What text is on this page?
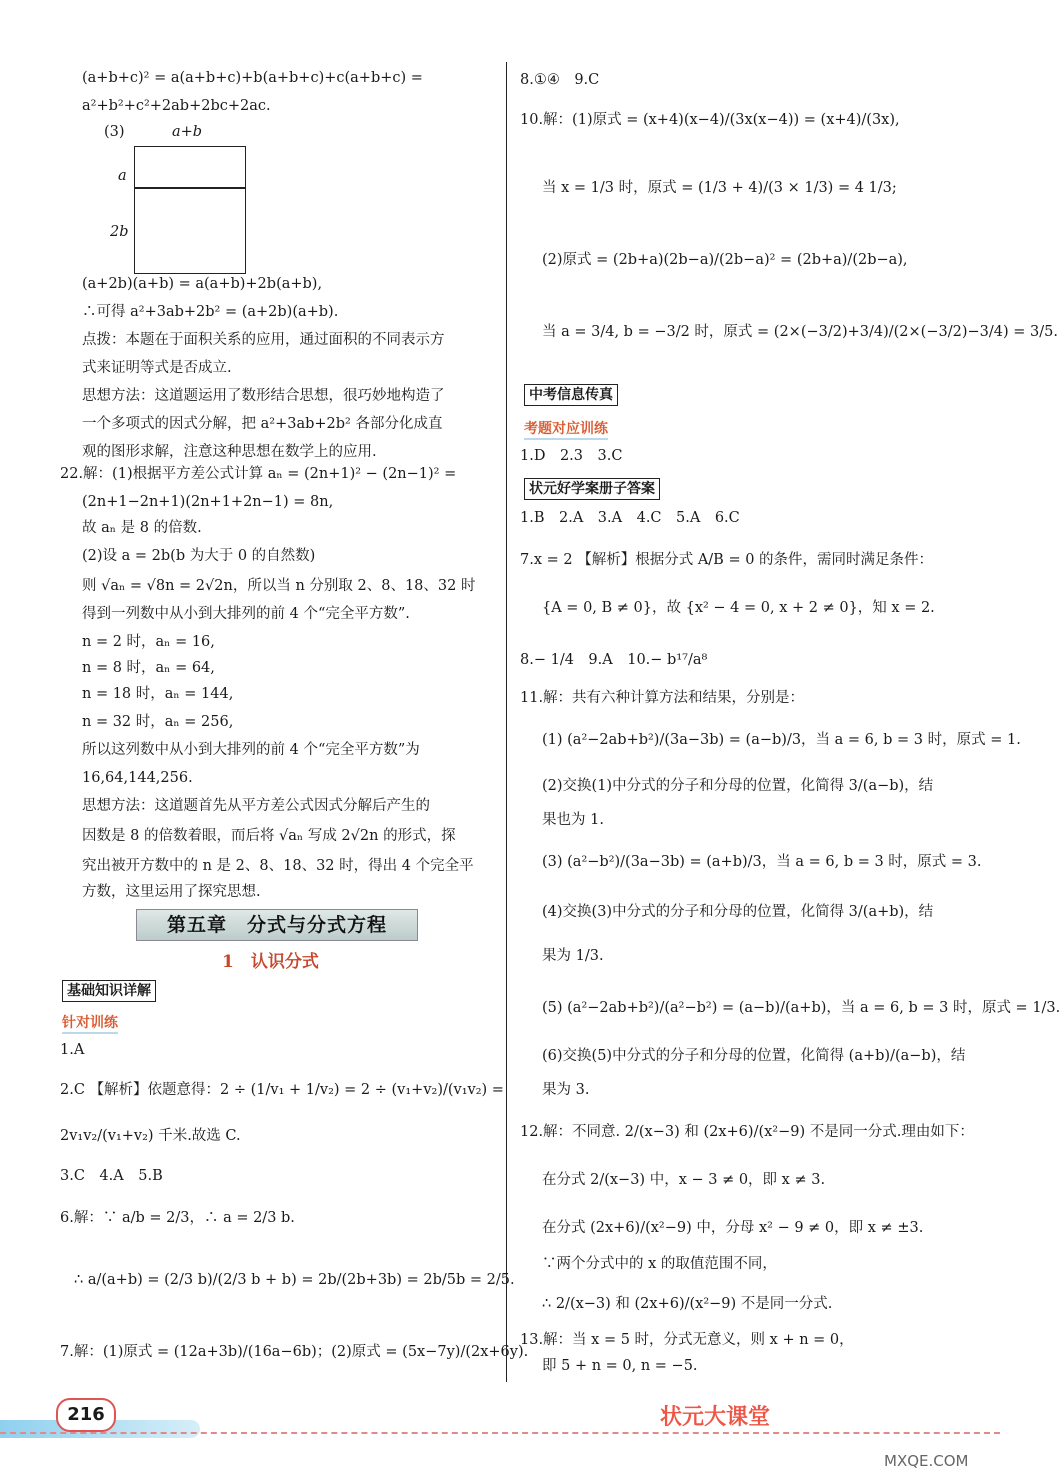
(a+b+c)² = a(a+b+c)+b(a+b+c)+c(a+b+c) =
a²+b²+c²+2ab+2bc+2ac.
(3)	a+b
a
2b
(a+2b)(a+b) = a(a+b)+2b(a+b),
∴可得 a²+3ab+2b² = (a+2b)(a+b).
点拨：本题在于面积关系的应用，通过面积的不同表示方
式来证明等式是否成立.
思想方法：这道题运用了数形结合思想，很巧妙地构造了
一个多项式的因式分解，把 a²+3ab+2b² 各部分化成直
观的图形求解，注意这种思想在数学上的应用.
22.解：(1)根据平方差公式计算 aₙ = (2n+1)² − (2n−1)² =
(2n+1−2n+1)(2n+1+2n−1) = 8n,
故 aₙ 是 8 的倍数.
(2)设 a = 2b(b 为大于 0 的自然数)
则 √aₙ = √8n = 2√2n，所以当 n 分别取 2、8、18、32 时
得到一列数中从小到大排列的前 4 个“完全平方数”.
n = 2 时，aₙ = 16,
n = 8 时，aₙ = 64,
n = 18 时，aₙ = 144,
n = 32 时，aₙ = 256,
所以这列数中从小到大排列的前 4 个“完全平方数”为
16,64,144,256.
思想方法：这道题首先从平方差公式因式分解后产生的
因数是 8 的倍数着眼，而后将 √aₙ 写成 2√2n 的形式，探
究出被开方数中的 n 是 2、8、18、32 时，得出 4 个完全平
方数，这里运用了探究思想.
第五章　分式与分式方程
1　认识分式
基础知识详解
针对训练
1.A
2.C 【解析】依题意得：2 ÷ (1/v₁ + 1/v₂) = 2 ÷ (v₁+v₂)/(v₁v₂) =
2v₁v₂/(v₁+v₂) 千米.故选 C.
3.C　4.A　5.B
6.解：∵ a/b = 2/3，∴ a = 2/3 b.
∴ a/(a+b) = (2/3 b)/(2/3 b + b) = 2b/(2b+3b) = 2b/5b = 2/5.
7.解：(1)原式 = (12a+3b)/(16a−6b)；(2)原式 = (5x−7y)/(2x+6y).
8.①④　9.C
10.解：(1)原式 = (x+4)(x−4)/(3x(x−4)) = (x+4)/(3x),
当 x = 1/3 时，原式 = (1/3 + 4)/(3 × 1/3) = 4 1/3;
(2)原式 = (2b+a)(2b−a)/(2b−a)² = (2b+a)/(2b−a),
当 a = 3/4, b = −3/2 时，原式 = (2×(−3/2)+3/4)/(2×(−3/2)−3/4) = 3/5.
中考信息传真
考题对应训练
状元好学案册子答案
1.D　2.3　3.C
1.B　2.A　3.A　4.C　5.A　6.C
7.x = 2 【解析】根据分式 A/B = 0 的条件，需同时满足条件：
{A = 0, B ≠ 0}，故 {x² − 4 = 0, x + 2 ≠ 0}，知 x = 2.
8.− 1/4　9.A　10.− b¹⁷/a⁸
11.解：共有六种计算方法和结果，分别是：
(1) (a²−2ab+b²)/(3a−3b) = (a−b)/3，当 a = 6, b = 3 时，原式 = 1.
(2)交换(1)中分式的分子和分母的位置，化简得 3/(a−b)，结
果也为 1.
(3) (a²−b²)/(3a−3b) = (a+b)/3，当 a = 6, b = 3 时，原式 = 3.
(4)交换(3)中分式的分子和分母的位置，化简得 3/(a+b)，结
果为 1/3.
(5) (a²−2ab+b²)/(a²−b²) = (a−b)/(a+b)，当 a = 6, b = 3 时，原式 = 1/3.
(6)交换(5)中分式的分子和分母的位置，化简得 (a+b)/(a−b)，结
果为 3.
12.解：不同意. 2/(x−3) 和 (2x+6)/(x²−9) 不是同一分式.理由如下：
在分式 2/(x−3) 中，x − 3 ≠ 0，即 x ≠ 3.
在分式 (2x+6)/(x²−9) 中，分母 x² − 9 ≠ 0，即 x ≠ ±3.
∵两个分式中的 x 的取值范围不同，
∴ 2/(x−3) 和 (2x+6)/(x²−9) 不是同一分式.
13.解：当 x = 5 时，分式无意义，则 x + n = 0，
即 5 + n = 0, n = −5.
216	状元大课堂
MXQE.COM
